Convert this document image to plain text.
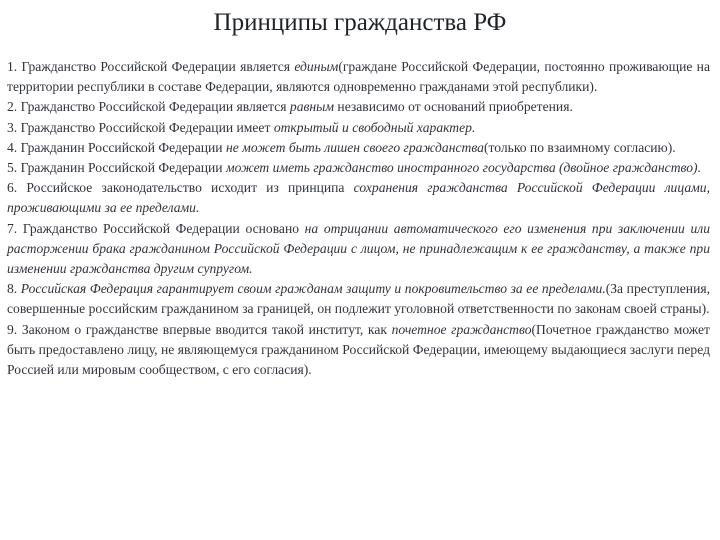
Принципы гражданства РФ

1. Гражданство Российской Федерации является единым(граждане Российской Федерации, постоянно проживающие на территории республики в составе Федерации, являются одновременно гражданами этой республики).

2. Гражданство Российской Федерации является равным независимо от оснований приобретения.

3. Гражданство Российской Федерации имеет открытый и свободный характер.

4. Гражданин Российской Федерации не может быть лишен своего гражданства(только по взаимному согласию).

5. Гражданин Российской Федерации может иметь гражданство иностранного государства (двойное гражданство).

6. Российское законодательство исходит из принципа сохранения гражданства Российской Федерации лицами, проживающими за ее пределами.

7. Гражданство Российской Федерации основано на отрицании автоматического его изменения при заключении или расторжении брака гражданином Российской Федерации с лицом, не принадлежащим к ее гражданству, а также при изменении гражданства другим супругом.

8. Российская Федерация гарантирует своим гражданам защиту и покровительство за ее пределами.(За преступления, совершенные российским гражданином за границей, он подлежит уголовной ответственности по законам своей страны).

9. Законом о гражданстве впервые вводится такой институт, как почетное гражданство(Почетное гражданство может быть предоставлено лицу, не являющемуся гражданином Российской Федерации, имеющему выдающиеся заслуги перед Россией или мировым сообществом, с его согласия).
